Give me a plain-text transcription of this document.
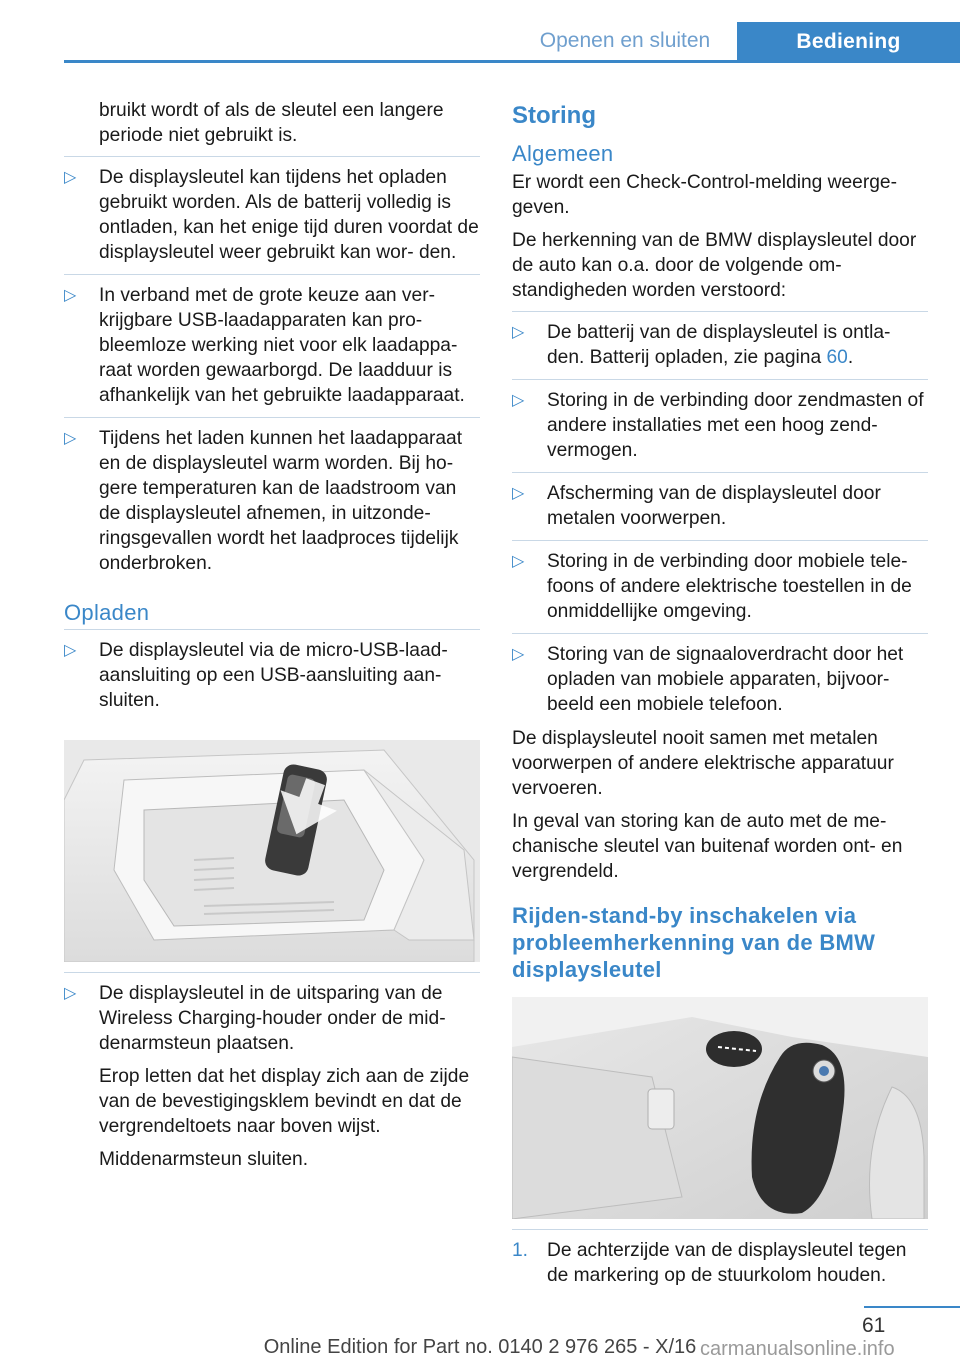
Openen en sluiten	Bediening

bruikt wordt of als de sleutel een langere periode niet gebruikt is.

▷ De displaysleutel kan tijdens het opladen gebruikt worden. Als de batterij volledig is ontladen, kan het enige tijd duren voordat de displaysleutel weer gebruikt kan wor‐ den.
▷ In verband met de grote keuze aan ver‐ krijgbare USB-laadapparaten kan pro‐ bleemloze werking niet voor elk laadappa‐ raat worden gewaarborgd. De laadduur is afhankelijk van het gebruikte laadapparaat.
▷ Tijdens het laden kunnen het laadapparaat en de displaysleutel warm worden. Bij ho‐ gere temperaturen kan de laadstroom van de displaysleutel afnemen, in uitzonde‐ ringsgevallen wordt het laadproces tijdelijk onderbroken.
Opladen
▷ De displaysleutel via de micro-USB-laad‐ aansluiting op een USB-aansluiting aan‐ sluiten.
▷ De displaysleutel in de uitsparing van de Wireless Charging-houder onder de mid‐ denarmsteun plaatsen.

Erop letten dat het display zich aan de zijde van de bevestigingsklem bevindt en dat de vergrendeltoets naar boven wijst.

Middenarmsteun sluiten.

Storing
Algemeen

Er wordt een Check-Control-melding weerge‐ geven.

De herkenning van de BMW displaysleutel door de auto kan o.a. door de volgende om‐ standigheden worden verstoord:

▷ De batterij van de displaysleutel is ontla‐ den. Batterij opladen, zie pagina 60.
▷ Storing in de verbinding door zendmasten of andere installaties met een hoog zend‐ vermogen.
▷ Afscherming van de displaysleutel door metalen voorwerpen.
▷ Storing in de verbinding door mobiele tele‐ foons of andere elektrische toestellen in de onmiddellijke omgeving.
▷ Storing van de signaaloverdracht door het opladen van mobiele apparaten, bijvoor‐ beeld een mobiele telefoon.

De displaysleutel nooit samen met metalen voorwerpen of andere elektrische apparatuur vervoeren.

In geval van storing kan de auto met de me‐ chanische sleutel van buitenaf worden ont- en vergrendeld.

Rijden-stand-by inschakelen via probleemherkenning van de BMW displaysleutel
1. De achterzijde van de displaysleutel tegen de markering op de stuurkolom houden.
61
Online Edition for Part no. 0140 2 976 265 - X/16 carmanualsonline.info
